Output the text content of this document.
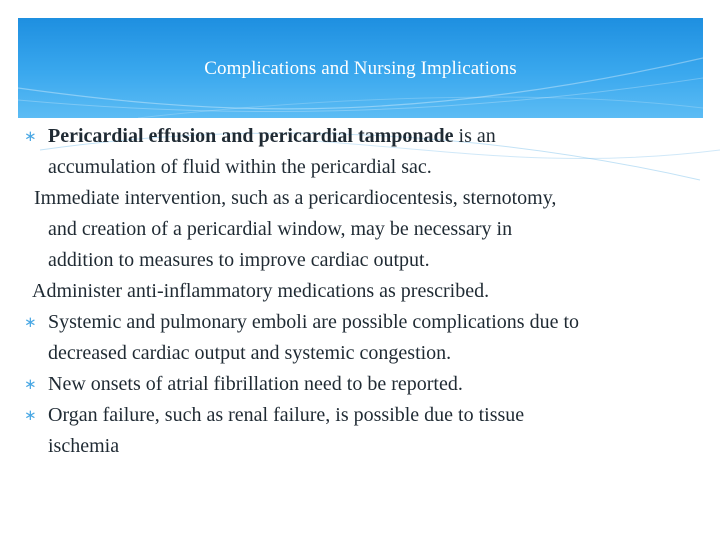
Complications and Nursing Implications
∗ Pericardial effusion and pericardial tamponade is an
accumulation of fluid within the pericardial sac.
Immediate intervention, such as a pericardiocentesis, sternotomy,
and creation of a pericardial window, may be necessary in
addition to measures to improve cardiac output.
Administer anti-inflammatory medications as prescribed.
∗ Systemic and pulmonary emboli are possible complications due to
decreased cardiac output and systemic congestion.
∗ New onsets of atrial fibrillation need to be reported.
∗ Organ failure, such as renal failure, is possible due to tissue
ischemia
